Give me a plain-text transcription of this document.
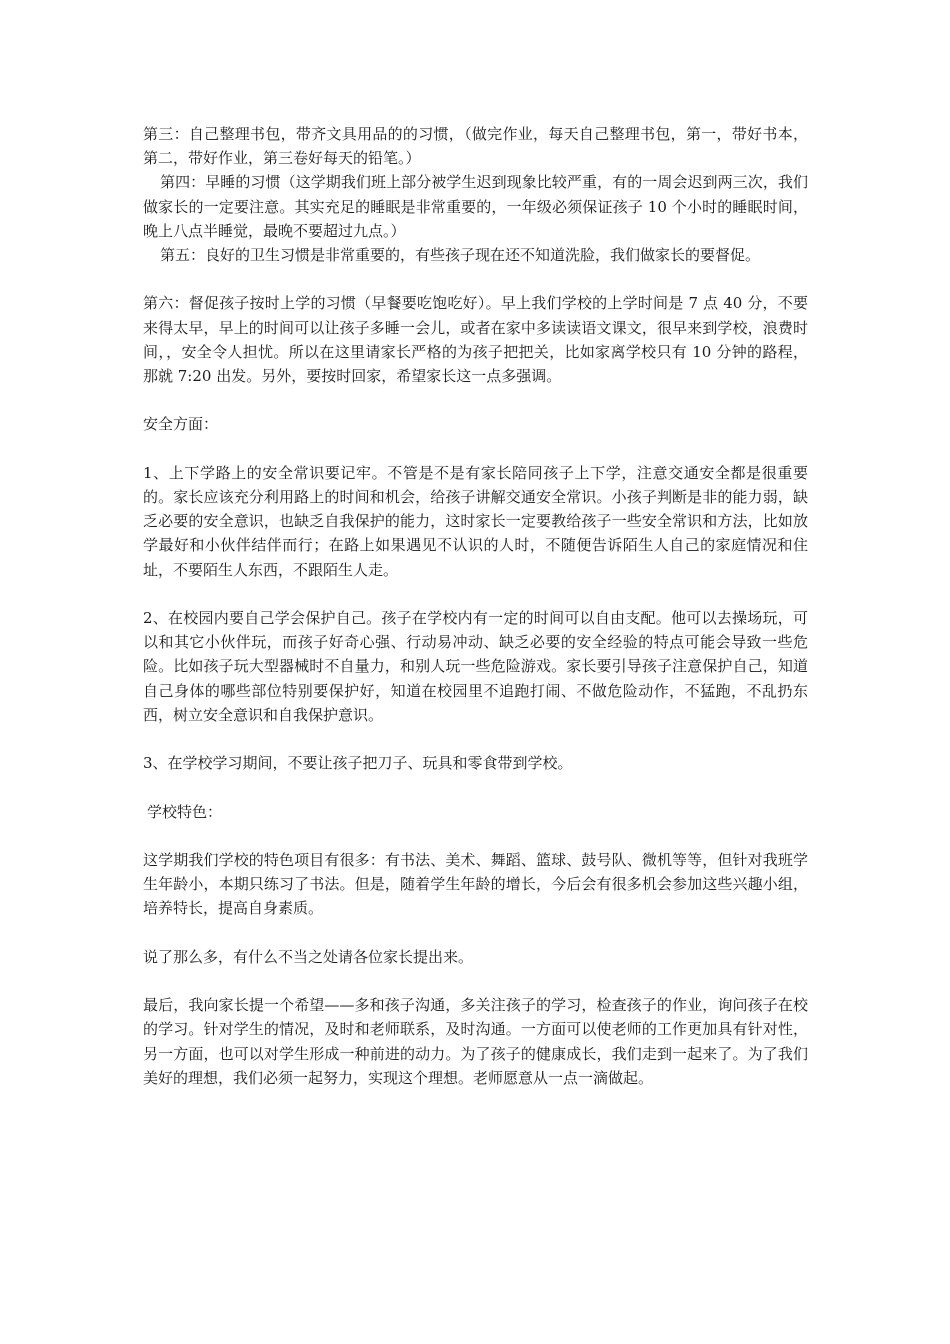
第三：自己整理书包，带齐文具用品的的习惯，（做完作业，每天自己整理书包，第一，带好书本，第二，带好作业，第三卷好每天的铅笔。）

第四：早睡的习惯（这学期我们班上部分被学生迟到现象比较严重，有的一周会迟到两三次，我们做家长的一定要注意。其实充足的睡眠是非常重要的，一年级必须保证孩子 10 个小时的睡眠时间，晚上八点半睡觉，最晚不要超过九点。）

第五：良好的卫生习惯是非常重要的，有些孩子现在还不知道洗脸，我们做家长的要督促。

第六：督促孩子按时上学的习惯（早餐要吃饱吃好）。早上我们学校的上学时间是 7 点 40 分，不要来得太早，早上的时间可以让孩子多睡一会儿，或者在家中多读读语文课文，很早来到学校，浪费时间，，安全令人担忧。所以在这里请家长严格的为孩子把把关，比如家离学校只有 10 分钟的路程，那就 7:20 出发。另外，要按时回家，希望家长这一点多强调。

安全方面：

1、上下学路上的安全常识要记牢。不管是不是有家长陪同孩子上下学，注意交通安全都是很重要的。家长应该充分利用路上的时间和机会，给孩子讲解交通安全常识。小孩子判断是非的能力弱，缺乏必要的安全意识，也缺乏自我保护的能力，这时家长一定要教给孩子一些安全常识和方法，比如放学最好和小伙伴结伴而行；在路上如果遇见不认识的人时，不随便告诉陌生人自己的家庭情况和住址，不要陌生人东西，不跟陌生人走。

2、在校园内要自己学会保护自己。孩子在学校内有一定的时间可以自由支配。他可以去操场玩，可以和其它小伙伴玩，而孩子好奇心强、行动易冲动、缺乏必要的安全经验的特点可能会导致一些危险。比如孩子玩大型器械时不自量力，和别人玩一些危险游戏。家长要引导孩子注意保护自己，知道自己身体的哪些部位特别要保护好，知道在校园里不追跑打闹、不做危险动作，不猛跑，不乱扔东西，树立安全意识和自我保护意识。

3、在学校学习期间，不要让孩子把刀子、玩具和零食带到学校。

学校特色：

这学期我们学校的特色项目有很多：有书法、美术、舞蹈、篮球、鼓号队、微机等等，但针对我班学生年龄小，本期只练习了书法。但是，随着学生年龄的增长，今后会有很多机会参加这些兴趣小组，培养特长，提高自身素质。

说了那么多，有什么不当之处请各位家长提出来。

最后，我向家长提一个希望——多和孩子沟通，多关注孩子的学习，检查孩子的作业，询问孩子在校的学习。针对学生的情况，及时和老师联系，及时沟通。一方面可以使老师的工作更加具有针对性，另一方面，也可以对学生形成一种前进的动力。为了孩子的健康成长，我们走到一起来了。为了我们美好的理想，我们必须一起努力，实现这个理想。老师愿意从一点一滴做起。
